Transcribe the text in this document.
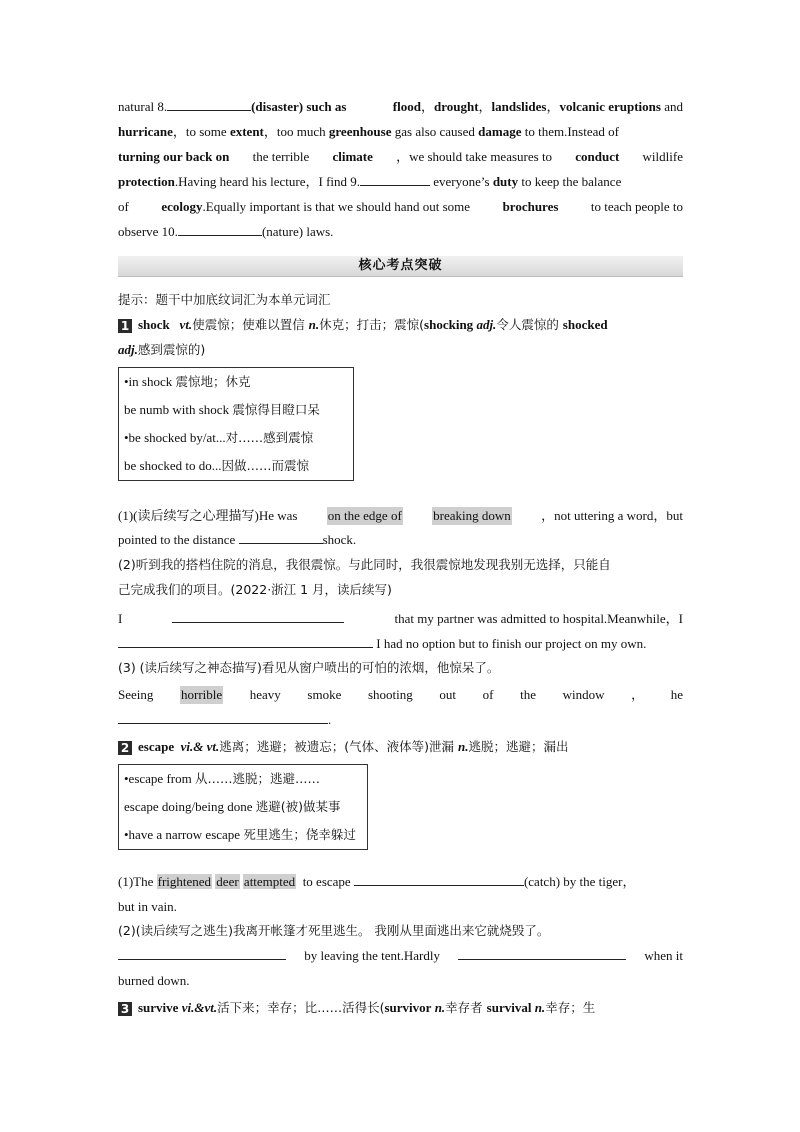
natural 8.	(disaster) such as	flood，drought，landslides，volcanic eruptions and
hurricane，to some extent，too much greenhouse gas also caused damage to them.Instead of
turning our back on the terrible climate ，we should take measures to conduct wildlife
protection.Having heard his lecture，I find 9.	everyone’s duty to keep the balance
of	ecology.Equally important is that we should hand out some	brochures	to teach people to
observe 10.	(nature) laws.
核心考点突破
提示：题干中加底纹词汇为本单元词汇
1 shock vt.使震惊；使难以置信 n.休克；打击；震惊(shocking adj.令人震惊的 shocked
adj.感到震惊的)
•in shock 震惊地；休克
be numb with shock 震惊得目瞪口呆
•be shocked by/at...对……感到震惊
be shocked to do...因做……而震惊
(1)(读后续写之心理描写)He was on the edge of breaking down ，not uttering a word，but
pointed to the distance	shock.
(2)听到我的搭档住院的消息，我很震惊。与此同时，我很震惊地发现我别无选择，只能自
己完成我们的项目。(2022·浙江 1 月，读后续写)
I	that my partner was admitted to hospital.Meanwhile，I
I had no option but to finish our project on my own.
(3) (读后续写之神态描写)看见从窗户喷出的可怕的浓烟，他惊呆了。
Seeing horrible heavy smoke shooting out of the window ， he
.
2 escape vi.& vt.逃离；逃避；被遗忘；(气体、液体等)泄漏 n.逃脱；逃避；漏出
•escape from 从……逃脱；逃避……
escape doing/being done 逃避(被)做某事
•have a narrow escape 死里逃生；侥幸躲过
(1)The frightened deer attempted to escape	(catch) by the tiger，
but in vain.
(2)(读后续写之逃生)我离开帐篷才死里逃生。 我刚从里面逃出来它就烧毁了。
by leaving the tent.Hardly	when it
burned down.
3 survive vi.&vt.活下来；幸存；比……活得长(survivor n.幸存者 survival n.幸存；生
